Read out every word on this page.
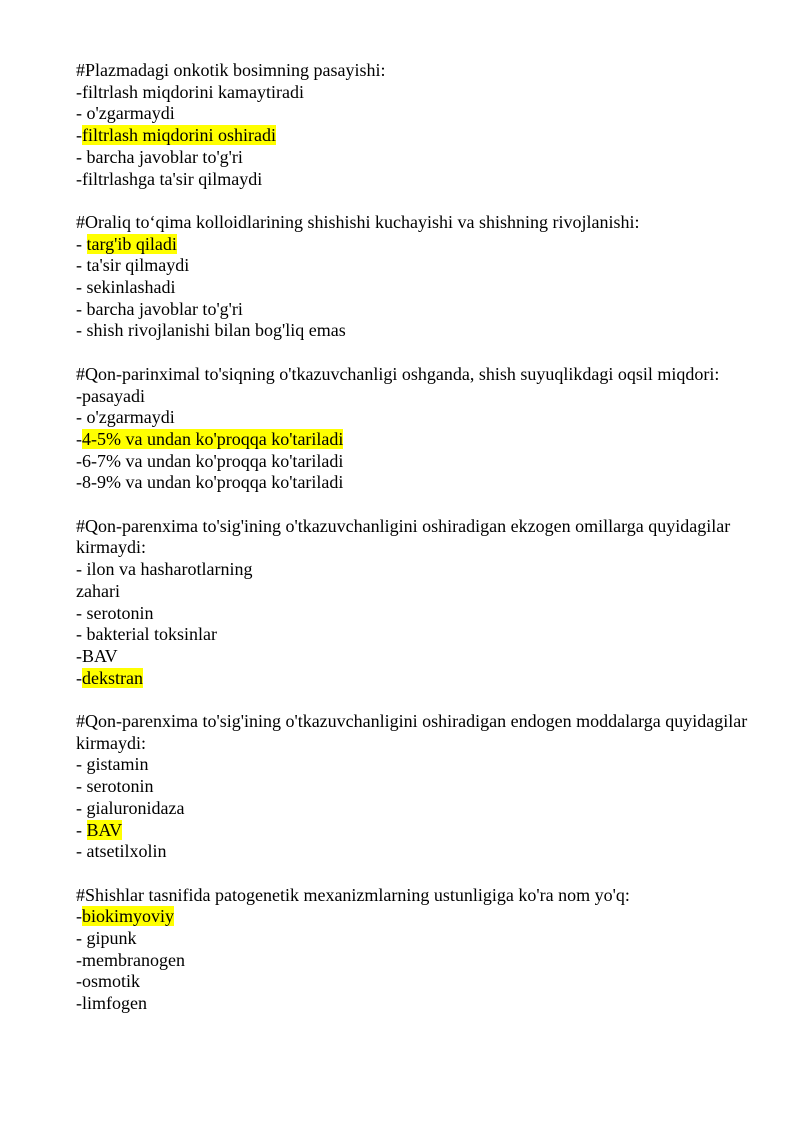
#Plazmadagi onkotik bosimning pasayishi:
-filtrlash miqdorini kamaytiradi
- o'zgarmaydi
-filtrlash miqdorini oshiradi
- barcha javoblar to'g'ri
-filtrlashga ta'sir qilmaydi
#Oraliq to‘qima kolloidlarining shishishi kuchayishi va shishning rivojlanishi:
- targ'ib qiladi
- ta'sir qilmaydi
- sekinlashadi
- barcha javoblar to'g'ri
- shish rivojlanishi bilan bog'liq emas
#Qon-parinximal to'siqning o'tkazuvchanligi oshganda, shish suyuqlikdagi oqsil miqdori:
-pasayadi
- o'zgarmaydi
-4-5% va undan ko'proqqa ko'tariladi
-6-7% va undan ko'proqqa ko'tariladi
-8-9% va undan ko'proqqa ko'tariladi
#Qon-parenxima to'sig'ining o'tkazuvchanligini oshiradigan ekzogen omillarga quyidagilar kirmaydi:
- ilon va hasharotlarning
zahari
- serotonin
- bakterial toksinlar
-BAV
-dekstran
#Qon-parenxima to'sig'ining o'tkazuvchanligini oshiradigan endogen moddalarga quyidagilar kirmaydi:
- gistamin
- serotonin
- gialuronidaza
- BAV
- atsetilxolin
#Shishlar tasnifida patogenetik mexanizmlarning ustunligiga ko'ra nom yo'q:
-biokimyoviy
- gipunk
-membranogen
-osmotik
-limfogen
